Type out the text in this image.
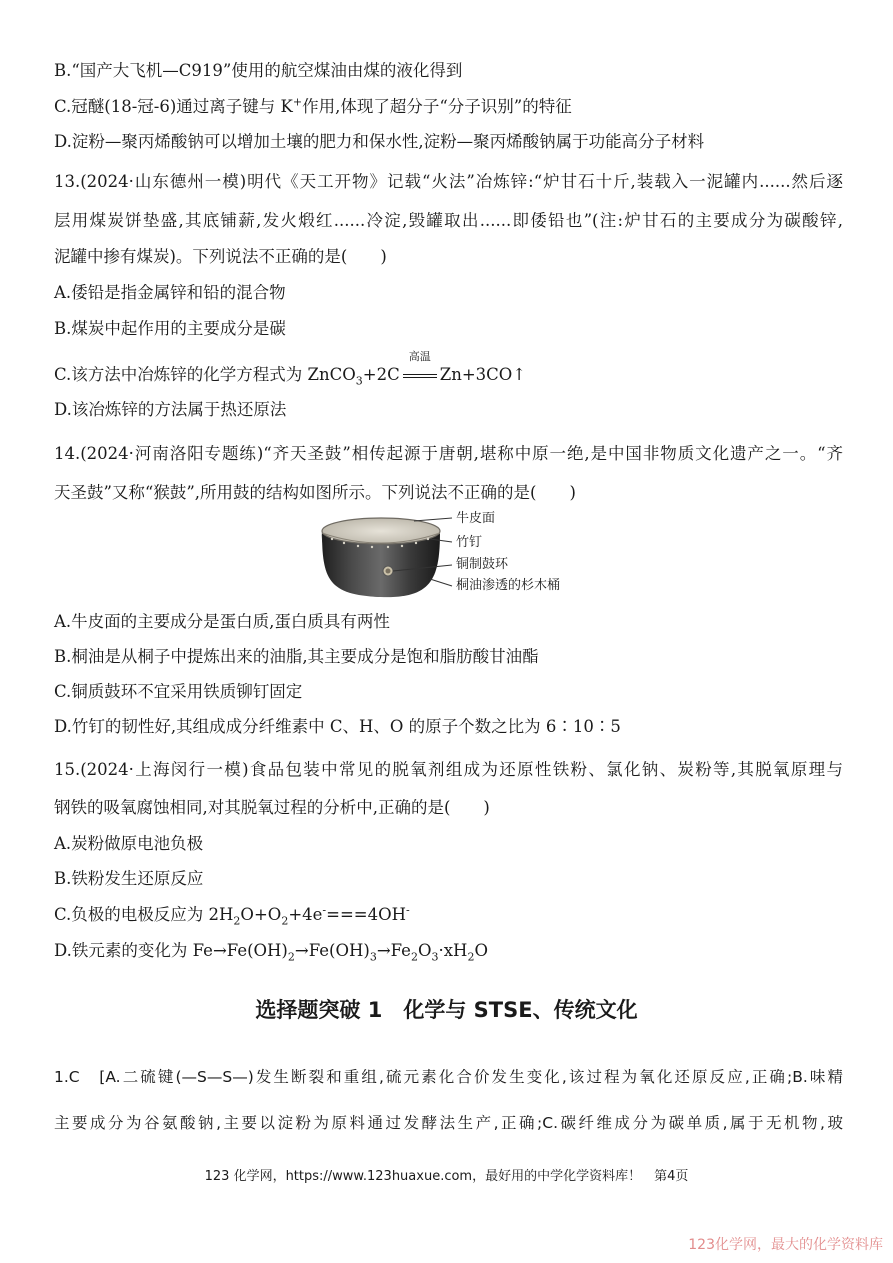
B.“国产大飞机—C919”使用的航空煤油由煤的液化得到
C.冠醚(18-冠-6)通过离子键与 K+作用,体现了超分子“分子识别”的特征
D.淀粉—聚丙烯酸钠可以增加土壤的肥力和保水性,淀粉—聚丙烯酸钠属于功能高分子材料
13.(2024·山东德州一模)明代《天工开物》记载“火法”冶炼锌:“炉甘石十斤,装载入一泥罐内......然后逐
层用煤炭饼垫盛,其底铺薪,发火煅红......冷淀,毁罐取出......即倭铅也”(注:炉甘石的主要成分为碳酸锌,
泥罐中掺有煤炭)。下列说法不正确的是(　　)
A.倭铅是指金属锌和铅的混合物
B.煤炭中起作用的主要成分是碳
C.该方法中冶炼锌的化学方程式为 ZnCO$_3$+2C
高温
Zn+3CO↑
D.该冶炼锌的方法属于热还原法
14.(2024·河南洛阳专题练)“齐天圣鼓”相传起源于唐朝,堪称中原一绝,是中国非物质文化遗产之一。“齐
天圣鼓”又称“猴鼓”,所用鼓的结构如图所示。下列说法不正确的是(　　)
牛皮面
竹钉
铜制鼓环
桐油渗透的杉木桶
A.牛皮面的主要成分是蛋白质,蛋白质具有两性
B.桐油是从桐子中提炼出来的油脂,其主要成分是饱和脂肪酸甘油酯
C.铜质鼓环不宜采用铁质铆钉固定
D.竹钉的韧性好,其组成成分纤维素中 C、H、O 的原子个数之比为 6∶10∶5
15.(2024·上海闵行一模)食品包装中常见的脱氧剂组成为还原性铁粉、氯化钠、炭粉等,其脱氧原理与
钢铁的吸氧腐蚀相同,对其脱氧过程的分析中,正确的是(　　)
A.炭粉做原电池负极
B.铁粉发生还原反应
C.负极的电极反应为 $2H_2O+O_2+4e^-===4OH^-$
D.铁元素的变化为 $Fe\to Fe(OH)_2\to Fe(OH)_3\to Fe_2O_3\cdot xH_2O$
选择题突破 1　化学与 STSE、传统文化
1.C　[A.二硫键(—S—S—)发生断裂和重组,硫元素化合价发生变化,该过程为氧化还原反应,正确;B.味精
主要成分为谷氨酸钠,主要以淀粉为原料通过发酵法生产,正确;C.碳纤维成分为碳单质,属于无机物,玻
123 化学网，https://www.123huaxue.com，最好用的中学化学资料库！　第4页
123化学网，最大的化学资料库
